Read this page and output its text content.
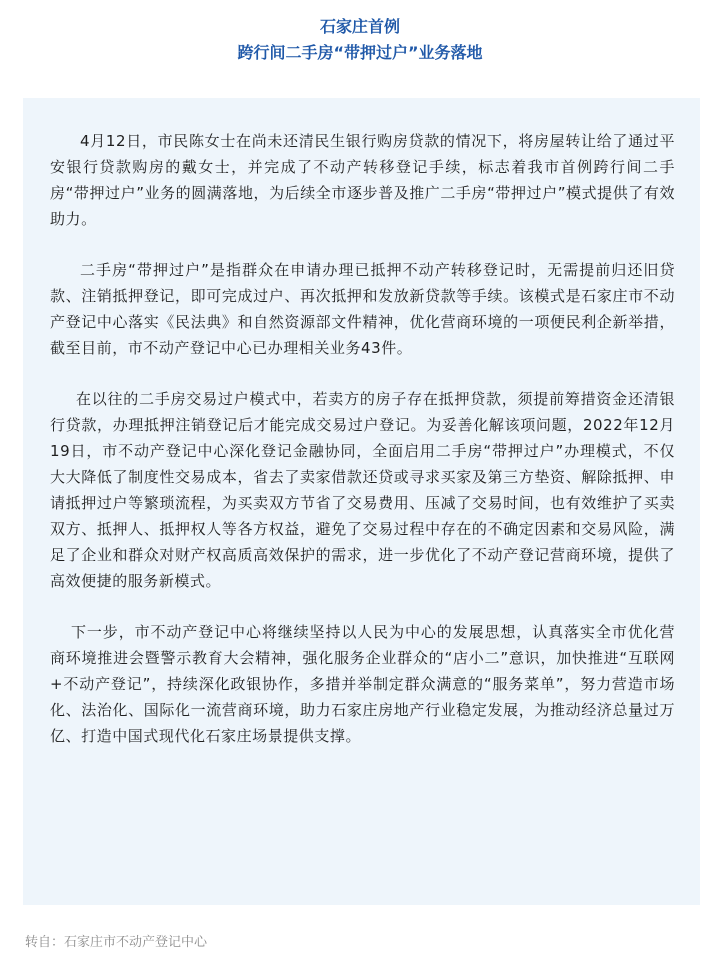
石家庄首例
跨行间二手房“带押过户”业务落地

4月12日，市民陈女士在尚未还清民生银行购房贷款的情况下，将房屋转让给了通过平安银行贷款购房的戴女士，并完成了不动产转移登记手续，标志着我市首例跨行间二手房“带押过户”业务的圆满落地，为后续全市逐步普及推广二手房“带押过户”模式提供了有效助力。

二手房“带押过户”是指群众在申请办理已抵押不动产转移登记时，无需提前归还旧贷款、注销抵押登记，即可完成过户、再次抵押和发放新贷款等手续。该模式是石家庄市不动产登记中心落实《民法典》和自然资源部文件精神，优化营商环境的一项便民利企新举措，截至目前，市不动产登记中心已办理相关业务43件。

在以往的二手房交易过户模式中，若卖方的房子存在抵押贷款，须提前筹措资金还清银行贷款，办理抵押注销登记后才能完成交易过户登记。为妥善化解该项问题，2022年12月19日，市不动产登记中心深化登记金融协同，全面启用二手房“带押过户”办理模式，不仅大大降低了制度性交易成本，省去了卖家借款还贷或寻求买家及第三方垫资、解除抵押、申请抵押过户等繁琐流程，为买卖双方节省了交易费用、压减了交易时间，也有效维护了买卖双方、抵押人、抵押权人等各方权益，避免了交易过程中存在的不确定因素和交易风险，满足了企业和群众对财产权高质高效保护的需求，进一步优化了不动产登记营商环境，提供了高效便捷的服务新模式。

下一步，市不动产登记中心将继续坚持以人民为中心的发展思想，认真落实全市优化营商环境推进会暨警示教育大会精神，强化服务企业群众的“店小二”意识，加快推进“互联网+不动产登记”，持续深化政银协作，多措并举制定群众满意的“服务菜单”，努力营造市场化、法治化、国际化一流营商环境，助力石家庄房地产行业稳定发展，为推动经济总量过万亿、打造中国式现代化石家庄场景提供支撑。

转自：石家庄市不动产登记中心
